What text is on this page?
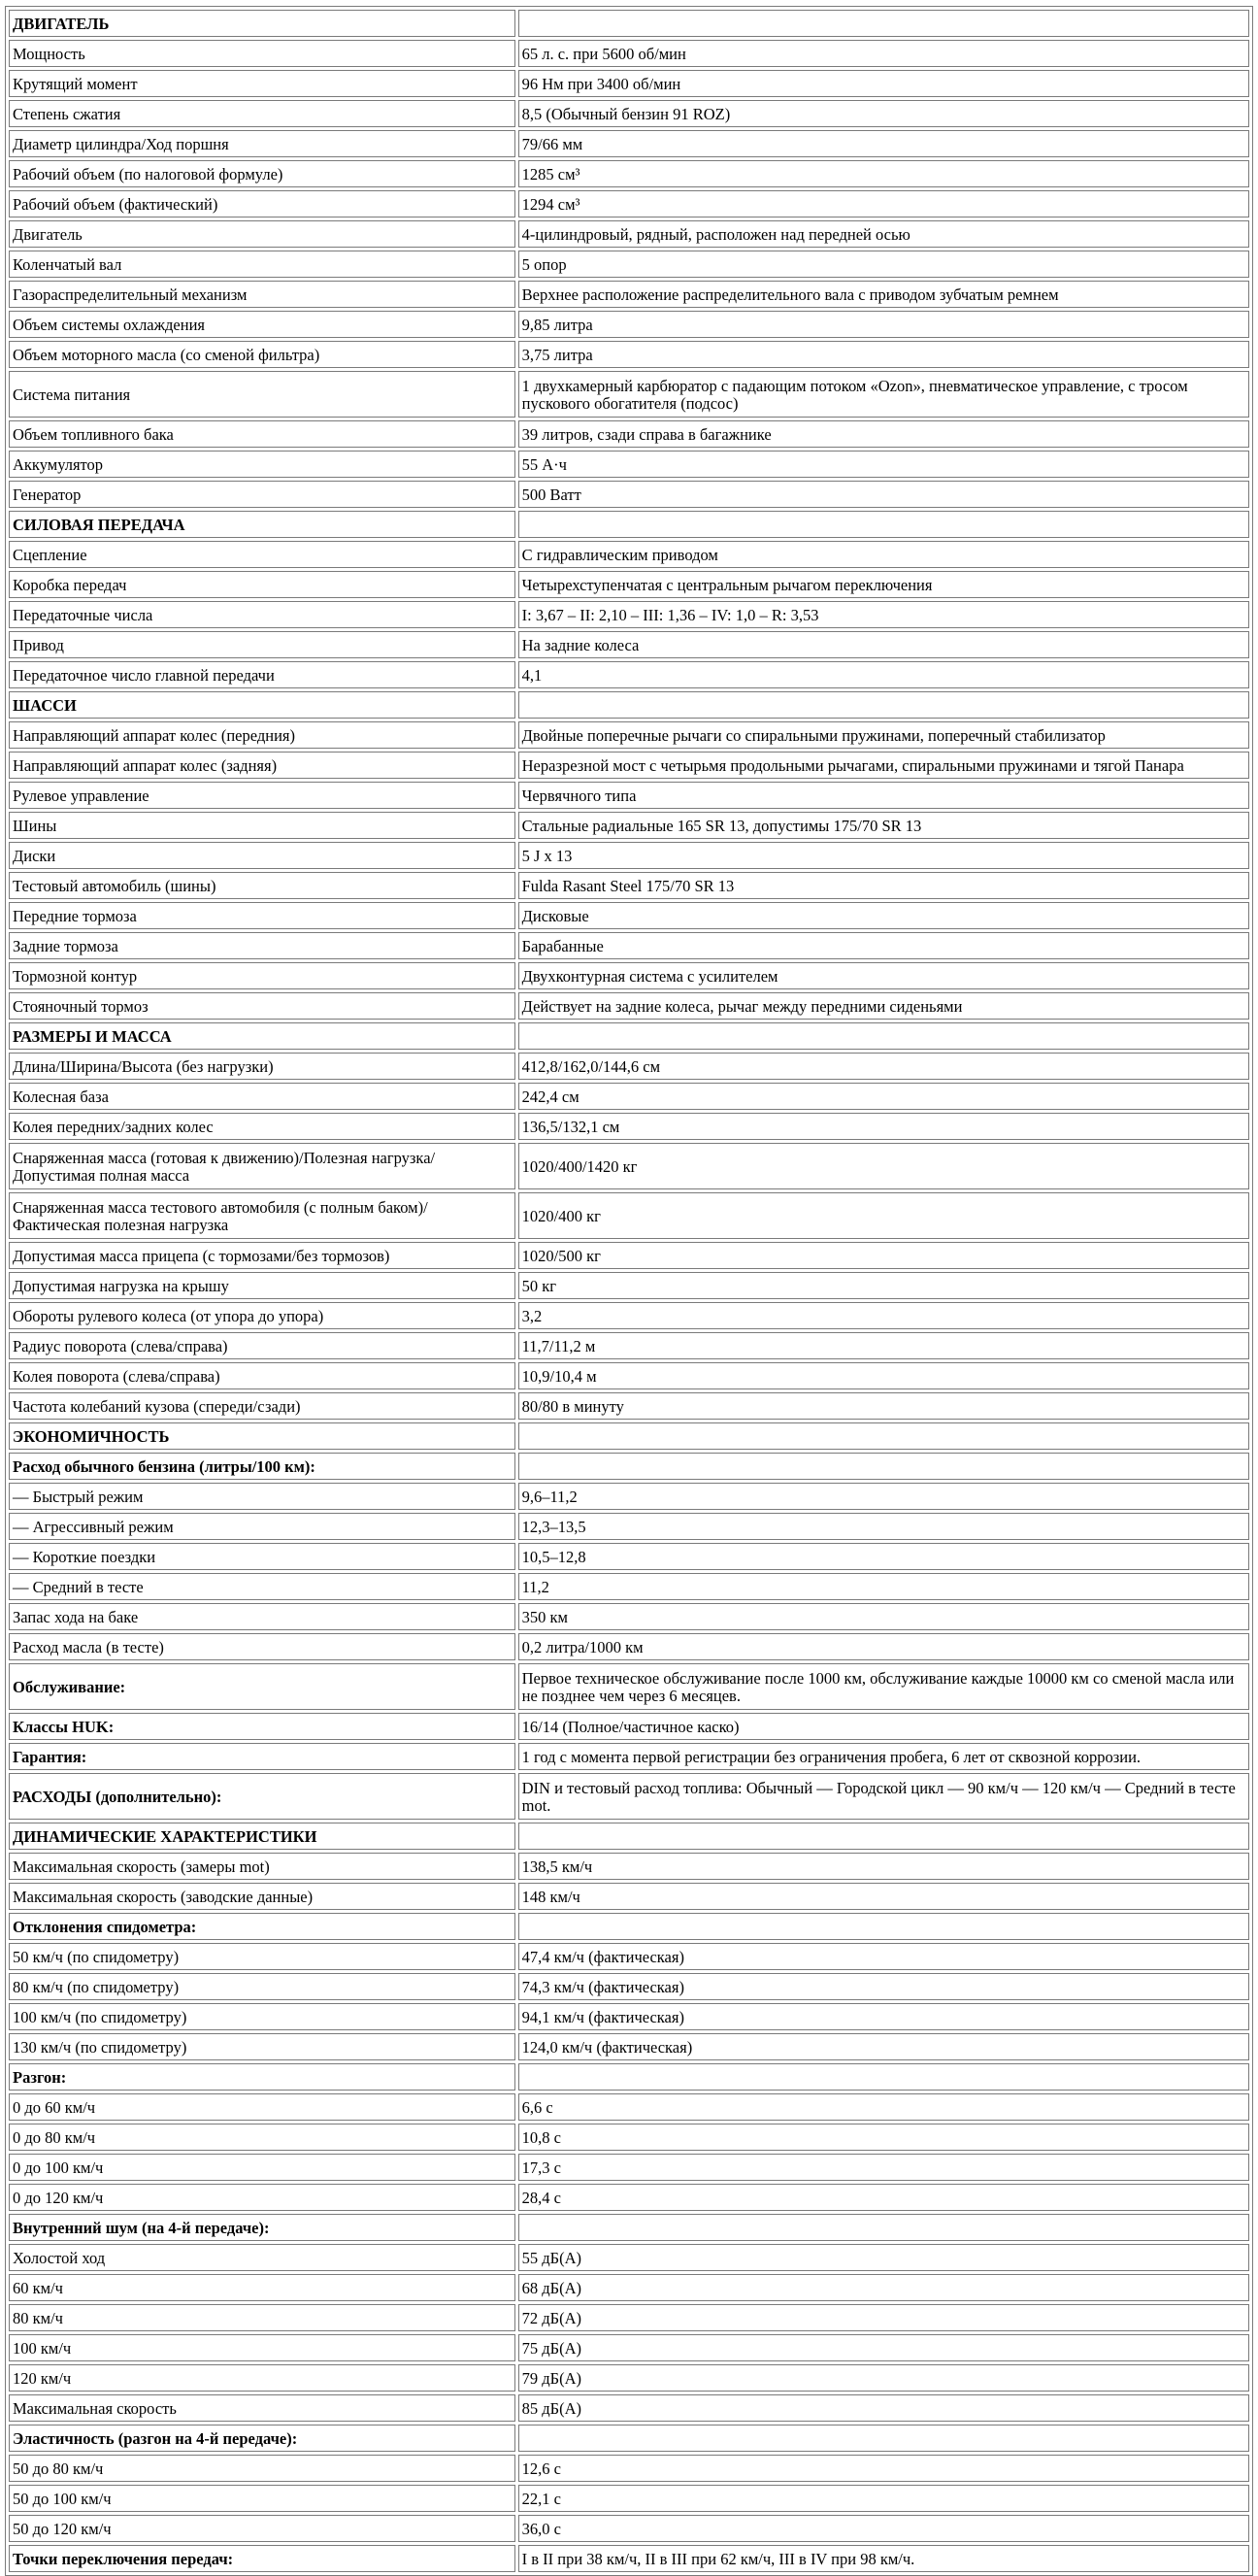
ДВИГАТЕЛЬ	
Мощность	65 л. с. при 5600 об/мин
Крутящий момент	96 Нм при 3400 об/мин
Степень сжатия	8,5 (Обычный бензин 91 ROZ)
Диаметр цилиндра/Ход поршня	79/66 мм
Рабочий объем (по налоговой формуле)	1285 см³
Рабочий объем (фактический)	1294 см³
Двигатель	4-цилиндровый, рядный, расположен над передней осью
Коленчатый вал	5 опор
Газораспределительный механизм	Верхнее расположение распределительного вала с приводом зубчатым ремнем
Объем системы охлаждения	9,85 литра
Объем моторного масла (со сменой фильтра)	3,75 литра
Система питания	1 двухкамерный карбюратор с падающим потоком «Ozon», пневматическое управление, с тросом пускового обогатителя (подсос)
Объем топливного бака	39 литров, сзади справа в багажнике
Аккумулятор	55 А·ч
Генератор	500 Ватт
СИЛОВАЯ ПЕРЕДАЧА	
Сцепление	С гидравлическим приводом
Коробка передач	Четырехступенчатая с центральным рычагом переключения
Передаточные числа	I: 3,67 – II: 2,10 – III: 1,36 – IV: 1,0 – R: 3,53
Привод	На задние колеса
Передаточное число главной передачи	4,1
ШАССИ	
Направляющий аппарат колес (передния)	Двойные поперечные рычаги со спиральными пружинами, поперечный стабилизатор
Направляющий аппарат колес (задняя)	Неразрезной мост с четырьмя продольными рычагами, спиральными пружинами и тягой Панара
Рулевое управление	Червячного типа
Шины	Стальные радиальные 165 SR 13, допустимы 175/70 SR 13
Диски	5 J x 13
Тестовый автомобиль (шины)	Fulda Rasant Steel 175/70 SR 13
Передние тормоза	Дисковые
Задние тормоза	Барабанные
Тормозной контур	Двухконтурная система с усилителем
Стояночный тормоз	Действует на задние колеса, рычаг между передними сиденьями
РАЗМЕРЫ И МАССА	
Длина/Ширина/Высота (без нагрузки)	412,8/162,0/144,6 см
Колесная база	242,4 см
Колея передних/задних колес	136,5/132,1 см
Снаряженная масса (готовая к движению)/Полезная нагрузка/Допустимая полная масса	1020/400/1420 кг
Снаряженная масса тестового автомобиля (с полным баком)/Фактическая полезная нагрузка	1020/400 кг
Допустимая масса прицепа (с тормозами/без тормозов)	1020/500 кг
Допустимая нагрузка на крышу	50 кг
Обороты рулевого колеса (от упора до упора)	3,2
Радиус поворота (слева/справа)	11,7/11,2 м
Колея поворота (слева/справа)	10,9/10,4 м
Частота колебаний кузова (спереди/сзади)	80/80 в минуту
ЭКОНОМИЧНОСТЬ	
Расход обычного бензина (литры/100 км):	
— Быстрый режим	9,6–11,2
— Агрессивный режим	12,3–13,5
— Короткие поездки	10,5–12,8
— Средний в тесте	11,2
Запас хода на баке	350 км
Расход масла (в тесте)	0,2 литра/1000 км
Обслуживание:	Первое техническое обслуживание после 1000 км, обслуживание каждые 10000 км со сменой масла или не позднее чем через 6 месяцев.
Классы HUK:	16/14 (Полное/частичное каско)
Гарантия:	1 год с момента первой регистрации без ограничения пробега, 6 лет от сквозной коррозии.
РАСХОДЫ (дополнительно):	DIN и тестовый расход топлива: Обычный — Городской цикл — 90 км/ч — 120 км/ч — Средний в тесте mot.
ДИНАМИЧЕСКИЕ ХАРАКТЕРИСТИКИ	
Максимальная скорость (замеры mot)	138,5 км/ч
Максимальная скорость (заводские данные)	148 км/ч
Отклонения спидометра:	
50 км/ч (по спидометру)	47,4 км/ч (фактическая)
80 км/ч (по спидометру)	74,3 км/ч (фактическая)
100 км/ч (по спидометру)	94,1 км/ч (фактическая)
130 км/ч (по спидометру)	124,0 км/ч (фактическая)
Разгон:	
0 до 60 км/ч	6,6 с
0 до 80 км/ч	10,8 с
0 до 100 км/ч	17,3 с
0 до 120 км/ч	28,4 с
Внутренний шум (на 4-й передаче):	
Холостой ход	55 дБ(A)
60 км/ч	68 дБ(A)
80 км/ч	72 дБ(A)
100 км/ч	75 дБ(A)
120 км/ч	79 дБ(A)
Максимальная скорость	85 дБ(A)
Эластичность (разгон на 4-й передаче):	
50 до 80 км/ч	12,6 с
50 до 100 км/ч	22,1 с
50 до 120 км/ч	36,0 с
Точки переключения передач:	I в II при 38 км/ч, II в III при 62 км/ч, III в IV при 98 км/ч.
